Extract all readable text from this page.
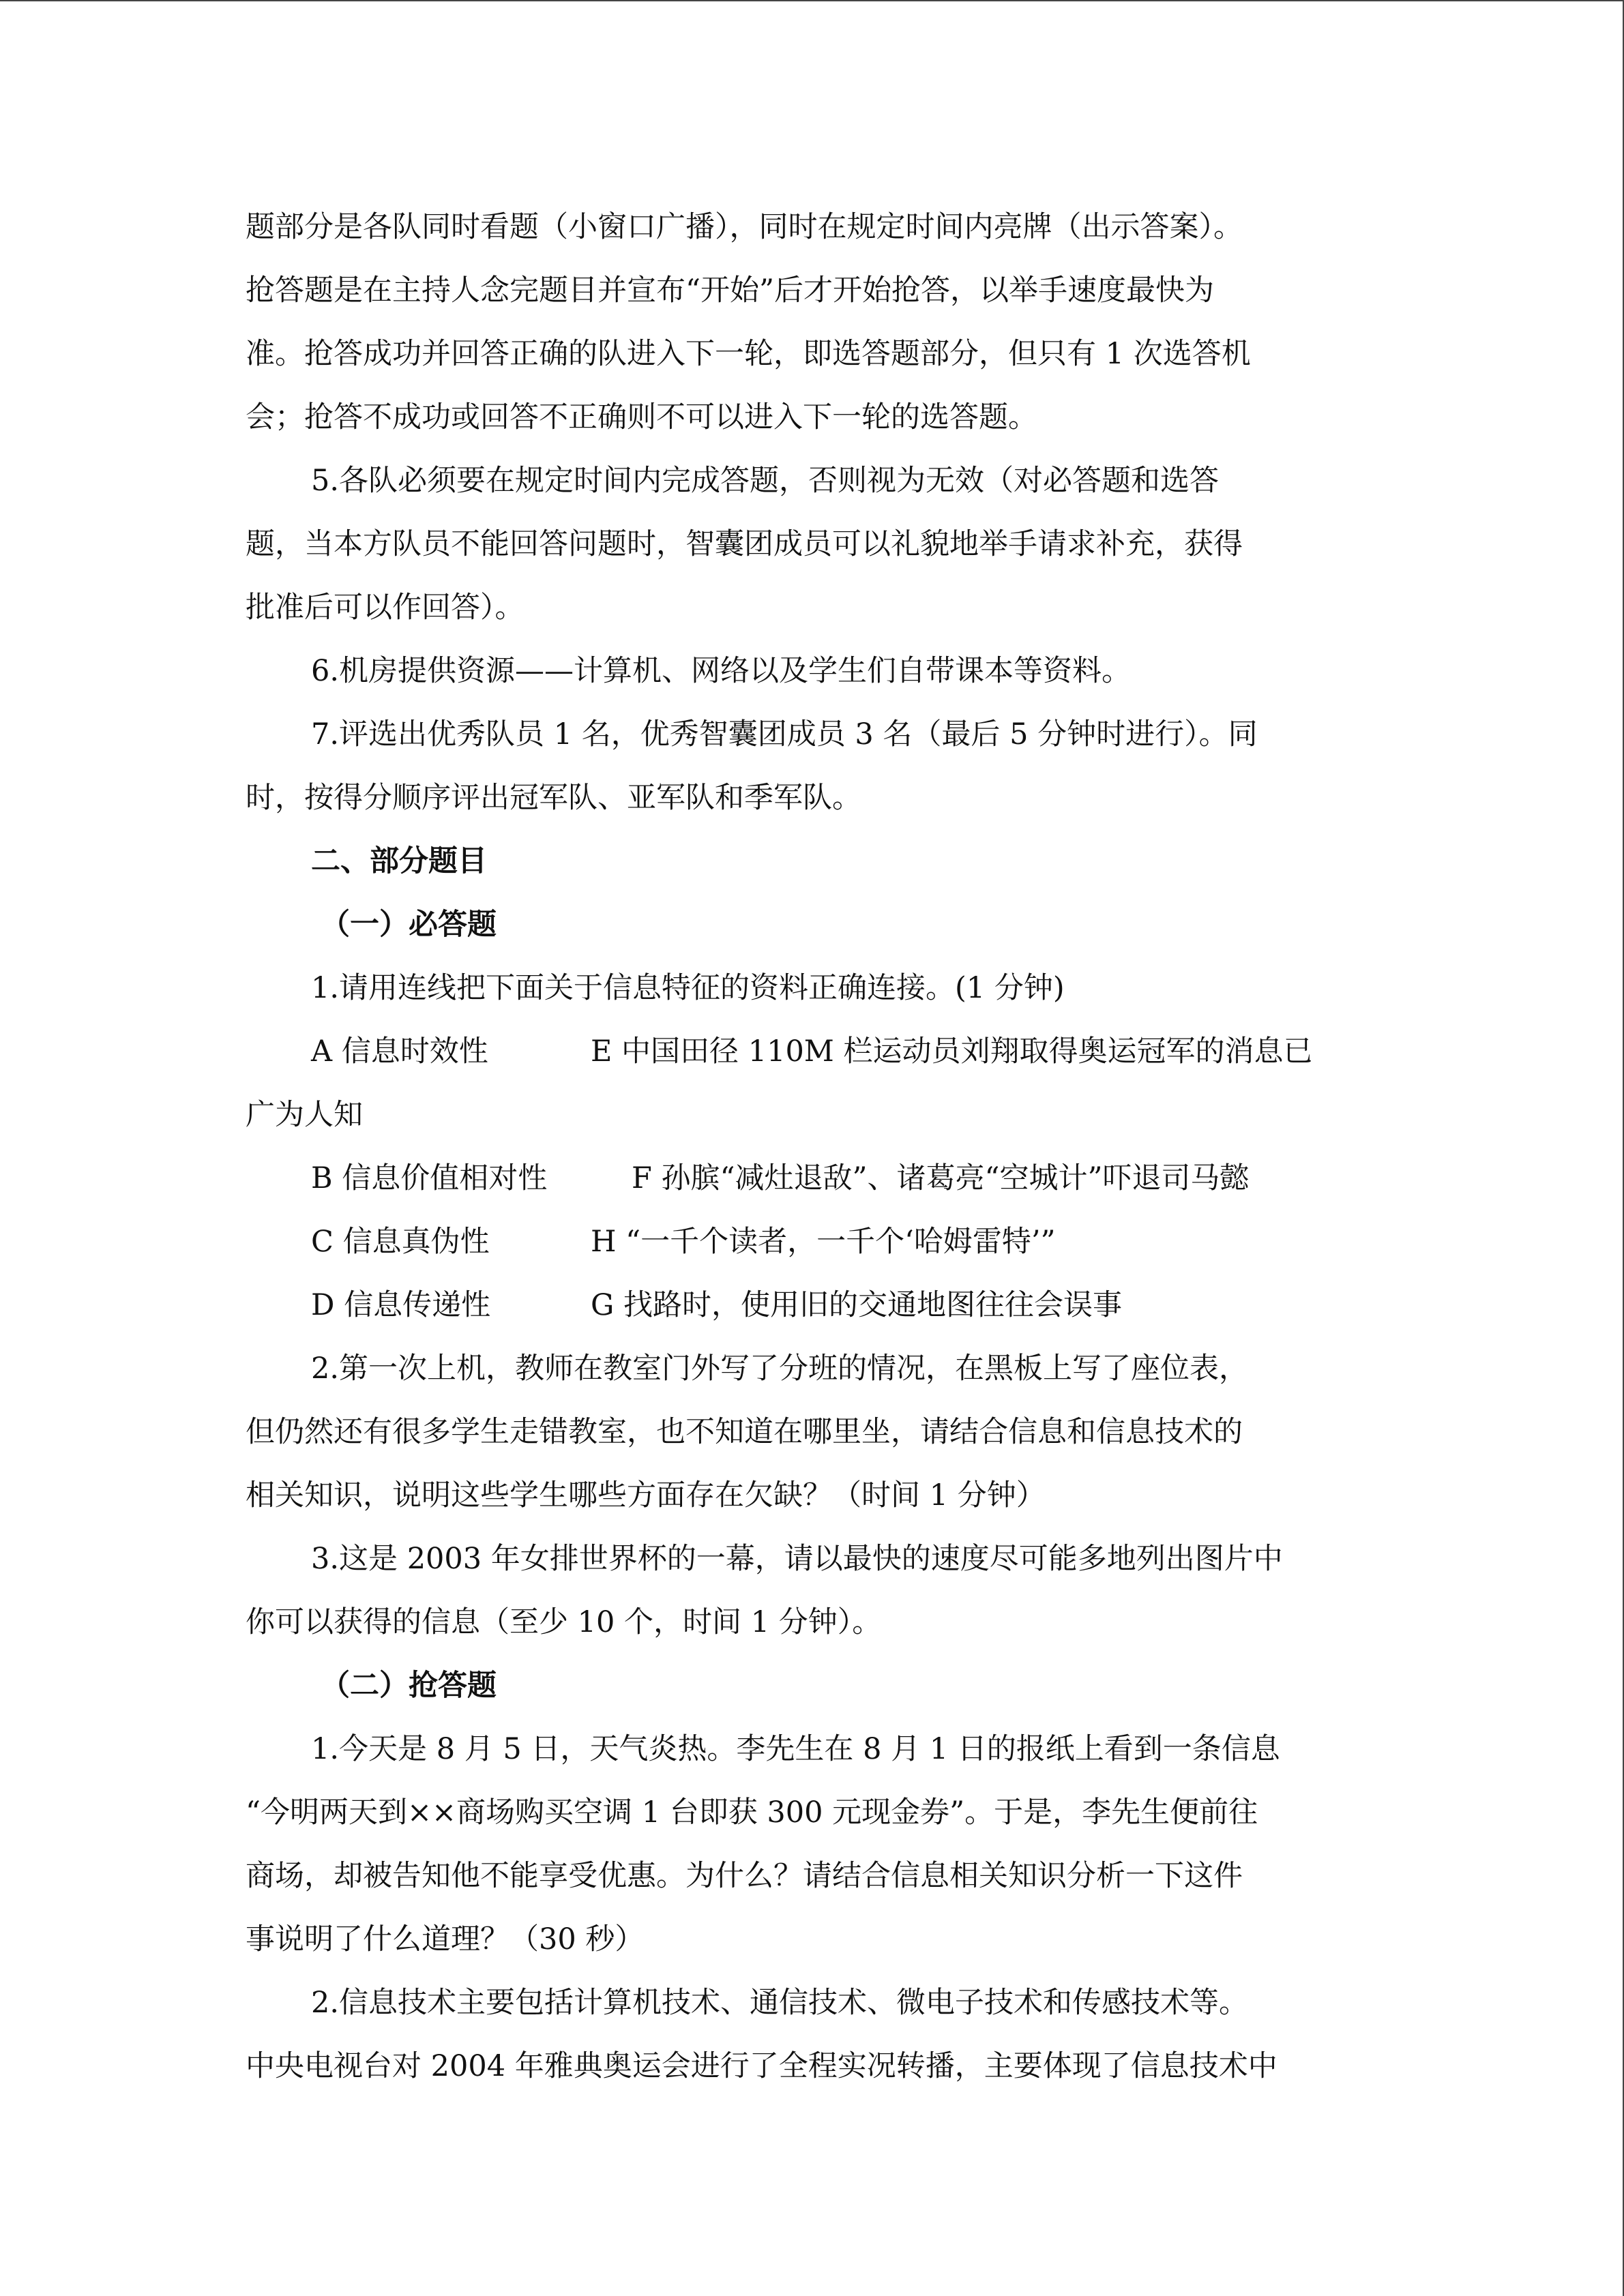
题部分是各队同时看题（小窗口广播），同时在规定时间内亮牌（出示答案）。

抢答题是在主持人念完题目并宣布“开始”后才开始抢答，以举手速度最快为

准。抢答成功并回答正确的队进入下一轮，即选答题部分，但只有 1 次选答机

会；抢答不成功或回答不正确则不可以进入下一轮的选答题。

5.各队必须要在规定时间内完成答题，否则视为无效（对必答题和选答

题，当本方队员不能回答问题时，智囊团成员可以礼貌地举手请求补充，获得

批准后可以作回答）。

6.机房提供资源——计算机、网络以及学生们自带课本等资料。

7.评选出优秀队员 1 名，优秀智囊团成员 3 名（最后 5 分钟时进行）。同

时，按得分顺序评出冠军队、亚军队和季军队。

二、部分题目

（一）必答题

1.请用连线把下面关于信息特征的资料正确连接。(1 分钟)

A 信息时效性	E 中国田径 110M 栏运动员刘翔取得奥运冠军的消息已

广为人知

B 信息价值相对性	F 孙膑“减灶退敌”、诸葛亮“空城计”吓退司马懿

C 信息真伪性	H “一千个读者，一千个‘哈姆雷特’”

D 信息传递性	G 找路时，使用旧的交通地图往往会误事

2.第一次上机，教师在教室门外写了分班的情况，在黑板上写了座位表，

但仍然还有很多学生走错教室，也不知道在哪里坐，请结合信息和信息技术的

相关知识，说明这些学生哪些方面存在欠缺？（时间 1 分钟）

3.这是 2003 年女排世界杯的一幕，请以最快的速度尽可能多地列出图片中

你可以获得的信息（至少 10 个，时间 1 分钟）。

（二）抢答题

1.今天是 8 月 5 日，天气炎热。李先生在 8 月 1 日的报纸上看到一条信息

“今明两天到××商场购买空调 1 台即获 300 元现金券”。于是，李先生便前往

商场，却被告知他不能享受优惠。为什么？请结合信息相关知识分析一下这件

事说明了什么道理？（30 秒）

2.信息技术主要包括计算机技术、通信技术、微电子技术和传感技术等。

中央电视台对 2004 年雅典奥运会进行了全程实况转播，主要体现了信息技术中
